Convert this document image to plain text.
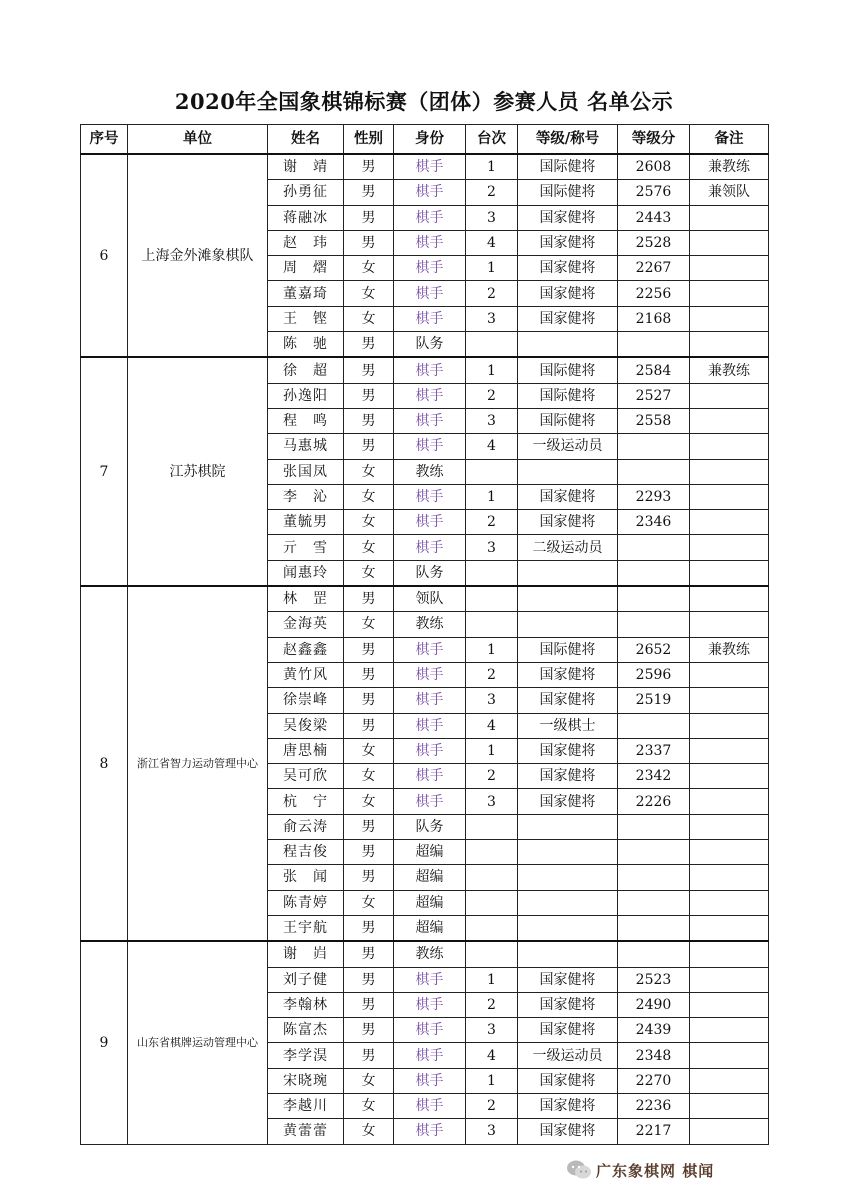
2020年全国象棋锦标赛（团体）参赛人员 名单公示
序号	单位	姓名	性别	身份	台次	等级/称号	等级分	备注
6	上海金外滩象棋队	谢　靖	男	棋手	1	国际健将	2608	兼教练
		孙勇征	男	棋手	2	国际健将	2576	兼领队
		蒋融冰	男	棋手	3	国家健将	2443	
		赵　玮	男	棋手	4	国家健将	2528	
		周　熠	女	棋手	1	国家健将	2267	
		董嘉琦	女	棋手	2	国家健将	2256	
		王　铿	女	棋手	3	国家健将	2168	
		陈　驰	男	队务				
7	江苏棋院	徐　超	男	棋手	1	国际健将	2584	兼教练
		孙逸阳	男	棋手	2	国际健将	2527	
		程　鸣	男	棋手	3	国际健将	2558	
		马惠城	男	棋手	4	一级运动员		
		张国凤	女	教练				
		李　沁	女	棋手	1	国家健将	2293	
		董毓男	女	棋手	2	国家健将	2346	
		亓　雪	女	棋手	3	二级运动员		
		闻惠玲	女	队务				
8	浙江省智力运动管理中心	林　罡	男	领队				
		金海英	女	教练				
		赵鑫鑫	男	棋手	1	国际健将	2652	兼教练
		黄竹风	男	棋手	2	国家健将	2596	
		徐崇峰	男	棋手	3	国家健将	2519	
		吴俊梁	男	棋手	4	一级棋士		
		唐思楠	女	棋手	1	国家健将	2337	
		吴可欣	女	棋手	2	国家健将	2342	
		杭　宁	女	棋手	3	国家健将	2226	
		俞云涛	男	队务				
		程吉俊	男	超编				
		张　闻	男	超编				
		陈青婷	女	超编				
		王宇航	男	超编				
9	山东省棋牌运动管理中心	谢　岿	男	教练				
		刘子健	男	棋手	1	国家健将	2523	
		李翰林	男	棋手	2	国家健将	2490	
		陈富杰	男	棋手	3	国家健将	2439	
		李学淏	男	棋手	4	一级运动员	2348	
		宋晓琬	女	棋手	1	国家健将	2270	
		李越川	女	棋手	2	国家健将	2236	
		黄蕾蕾	女	棋手	3	国家健将	2217	
广东象棋网 棋闻
